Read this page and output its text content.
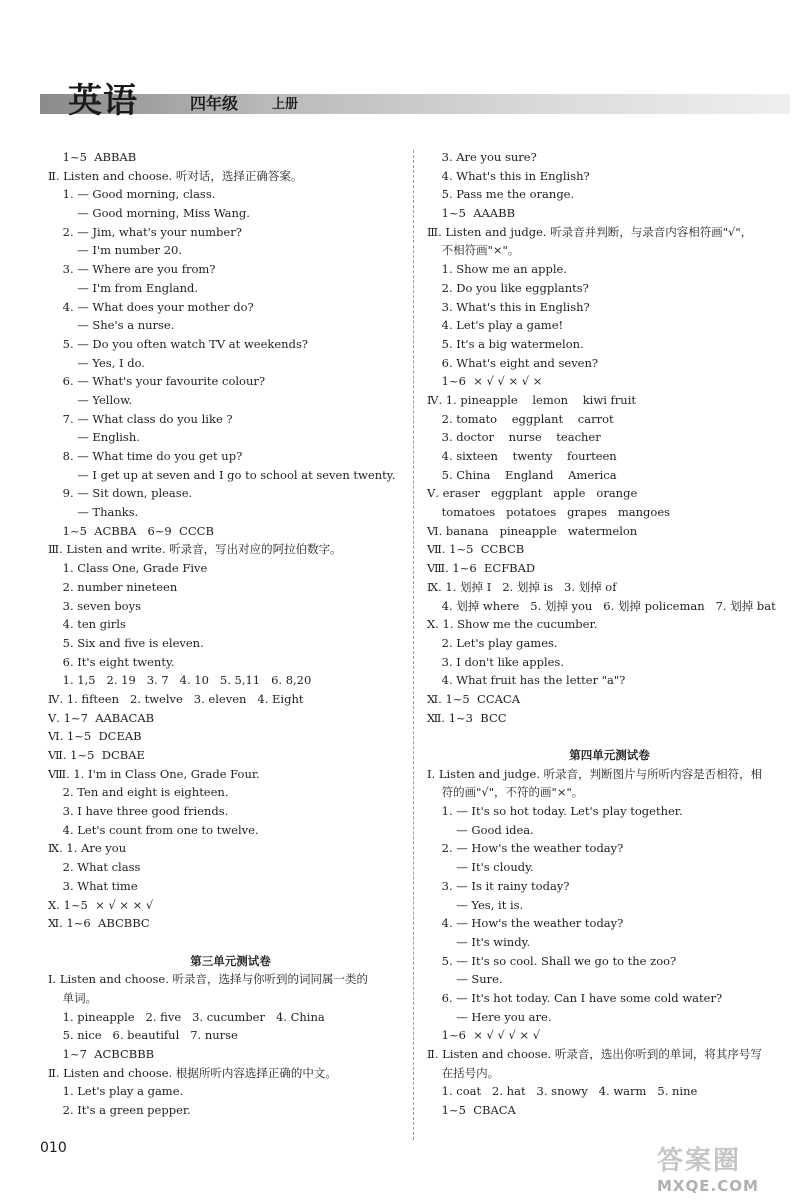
英语	四年级	上册
1~5  ABBAB
Ⅱ. Listen and choose. 听对话，选择正确答案。
1. — Good morning, class.
— Good morning, Miss Wang.
2. — Jim, what's your number?
— I'm number 20.
3. — Where are you from?
— I'm from England.
4. — What does your mother do?
— She's a nurse.
5. — Do you often watch TV at weekends?
— Yes, I do.
6. — What's your favourite colour?
— Yellow.
7. — What class do you like ?
— English.
8. — What time do you get up?
— I get up at seven and I go to school at seven twenty.
9. — Sit down, please.
— Thanks.
1~5  ACBBA   6~9  CCCB
Ⅲ. Listen and write. 听录音，写出对应的阿拉伯数字。
1. Class One, Grade Five
2. number nineteen
3. seven boys
4. ten girls
5. Six and five is eleven.
6. It's eight twenty.
1. 1,5   2. 19   3. 7   4. 10   5. 5,11   6. 8,20
Ⅳ. 1. fifteen   2. twelve   3. eleven   4. Eight
Ⅴ. 1~7  AABACAB
Ⅵ. 1~5  DCEAB
Ⅶ. 1~5  DCBAE
Ⅷ. 1. I'm in Class One, Grade Four.
2. Ten and eight is eighteen.
3. I have three good friends.
4. Let's count from one to twelve.
Ⅸ. 1. Are you
2. What class
3. What time
Ⅹ. 1~5  × √ × × √
Ⅺ. 1~6  ABCBBC
第三单元测试卷
Ⅰ. Listen and choose. 听录音，选择与你听到的词同属一类的
单词。
1. pineapple   2. five   3. cucumber   4. China
5. nice   6. beautiful   7. nurse
1~7  ACBCBBB
Ⅱ. Listen and choose. 根据所听内容选择正确的中文。
1. Let's play a game.
2. It's a green pepper.
3. Are you sure?
4. What's this in English?
5. Pass me the orange.
1~5  AAABB
Ⅲ. Listen and judge. 听录音并判断，与录音内容相符画"√"，
不相符画"×"。
1. Show me an apple.
2. Do you like eggplants?
3. What's this in English?
4. Let's play a game!
5. It's a big watermelon.
6. What's eight and seven?
1~6  × √ √ × √ ×
Ⅳ. 1. pineapple    lemon    kiwi fruit
2. tomato    eggplant    carrot
3. doctor    nurse    teacher
4. sixteen    twenty    fourteen
5. China    England    America
Ⅴ. eraser   eggplant   apple   orange
tomatoes   potatoes   grapes   mangoes
Ⅵ. banana   pineapple   watermelon
Ⅶ. 1~5  CCBCB
Ⅷ. 1~6  ECFBAD
Ⅸ. 1. 划掉 I   2. 划掉 is   3. 划掉 of
4. 划掉 where   5. 划掉 you   6. 划掉 policeman   7. 划掉 bat
Ⅹ. 1. Show me the cucumber.
2. Let's play games.
3. I don't like apples.
4. What fruit has the letter "a"?
Ⅺ. 1~5  CCACA
Ⅻ. 1~3  BCC
第四单元测试卷
Ⅰ. Listen and judge. 听录音，判断图片与所听内容是否相符，相
符的画"√"，不符的画"×"。
1. — It's so hot today. Let's play together.
— Good idea.
2. — How's the weather today?
— It's cloudy.
3. — Is it rainy today?
— Yes, it is.
4. — How's the weather today?
— It's windy.
5. — It's so cool. Shall we go to the zoo?
— Sure.
6. — It's hot today. Can I have some cold water?
— Here you are.
1~6  × √ √ √ × √
Ⅱ. Listen and choose. 听录音，选出你听到的单词，将其序号写
在括号内。
1. coat   2. hat   3. snowy   4. warm   5. nine
1~5  CBACA
010	答案圈
MXQE.COM
